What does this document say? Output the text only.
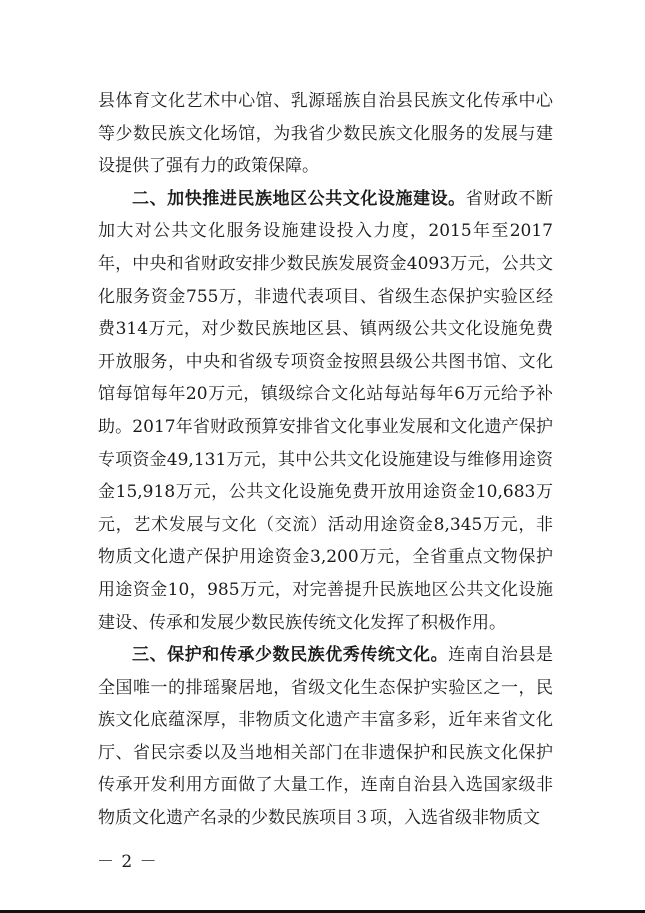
县体育文化艺术中心馆、乳源瑶族自治县民族文化传承中心等少数民族文化场馆，为我省少数民族文化服务的发展与建设提供了强有力的政策保障。

二、加快推进民族地区公共文化设施建设。省财政不断加大对公共文化服务设施建设投入力度，2015年至2017年，中央和省财政安排少数民族发展资金4093万元，公共文化服务资金755万，非遗代表项目、省级生态保护实验区经费314万元，对少数民族地区县、镇两级公共文化设施免费开放服务，中央和省级专项资金按照县级公共图书馆、文化馆每馆每年20万元，镇级综合文化站每站每年6万元给予补助。2017年省财政预算安排省文化事业发展和文化遗产保护专项资金49,131万元，其中公共文化设施建设与维修用途资金15,918万元，公共文化设施免费开放用途资金10,683万元，艺术发展与文化（交流）活动用途资金8,345万元，非物质文化遗产保护用途资金3,200万元，全省重点文物保护用途资金10，985万元，对完善提升民族地区公共文化设施建设、传承和发展少数民族传统文化发挥了积极作用。

三、保护和传承少数民族优秀传统文化。连南自治县是全国唯一的排瑶聚居地，省级文化生态保护实验区之一，民族文化底蕴深厚，非物质文化遗产丰富多彩，近年来省文化厅、省民宗委以及当地相关部门在非遗保护和民族文化保护传承开发利用方面做了大量工作，连南自治县入选国家级非物质文化遗产名录的少数民族项目３项，入选省级非物质文

－ 2 －
